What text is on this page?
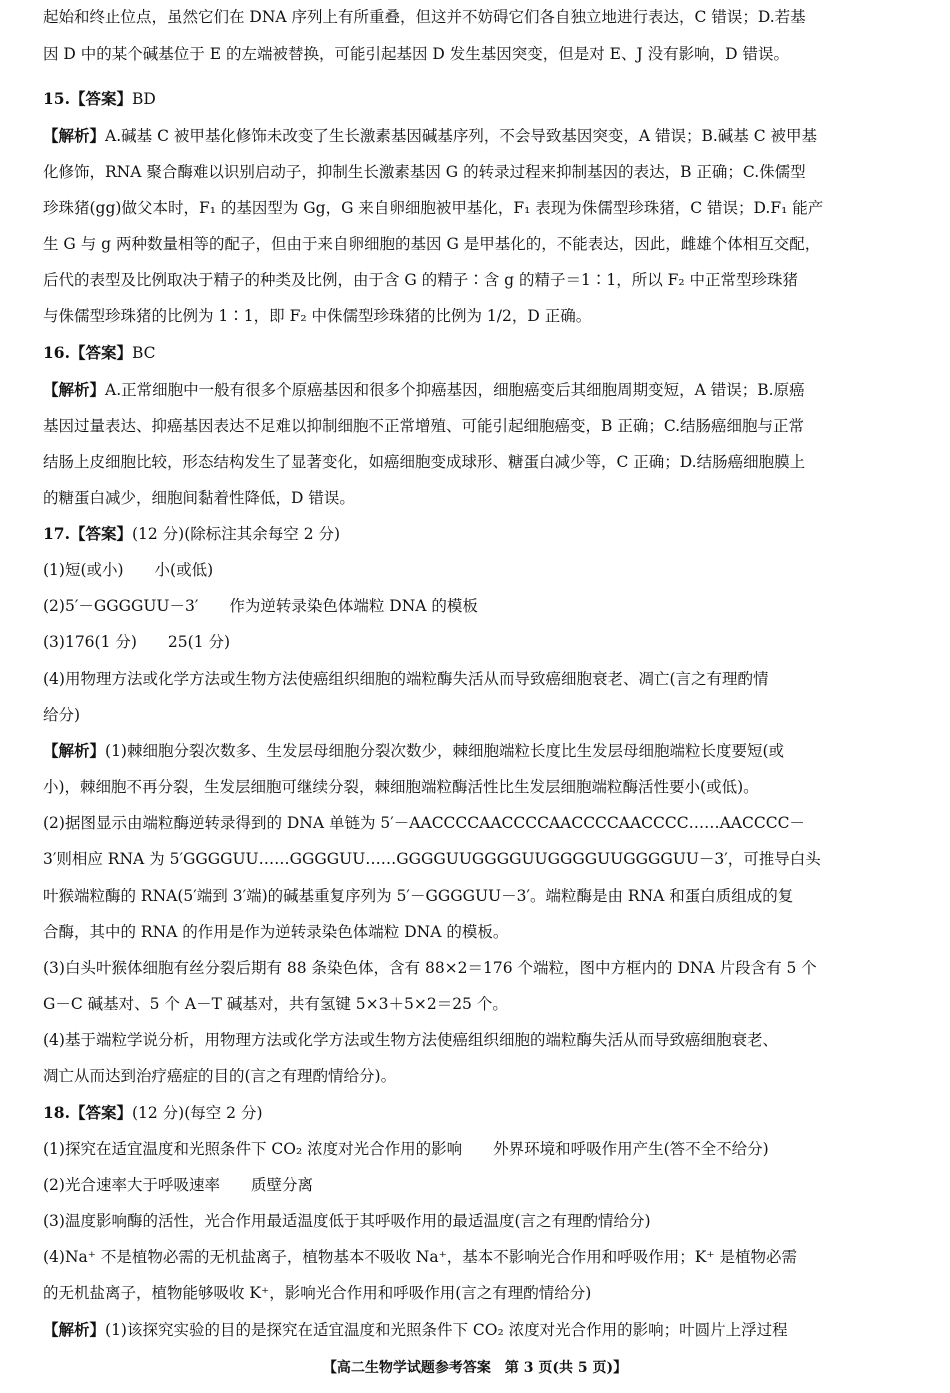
起始和终止位点，虽然它们在 DNA 序列上有所重叠，但这并不妨碍它们各自独立地进行表达，C 错误；D.若基
因 D 中的某个碱基位于 E 的左端被替换，可能引起基因 D 发生基因突变，但是对 E、J 没有影响，D 错误。
15.【答案】BD
【解析】A.碱基 C 被甲基化修饰未改变了生长激素基因碱基序列，不会导致基因突变，A 错误；B.碱基 C 被甲基
化修饰，RNA 聚合酶难以识别启动子，抑制生长激素基因 G 的转录过程来抑制基因的表达，B 正确；C.侏儒型
珍珠猪(gg)做父本时，F₁ 的基因型为 Gg，G 来自卵细胞被甲基化，F₁ 表现为侏儒型珍珠猪，C 错误；D.F₁ 能产
生 G 与 g 两种数量相等的配子，但由于来自卵细胞的基因 G 是甲基化的，不能表达，因此，雌雄个体相互交配，
后代的表型及比例取决于精子的种类及比例，由于含 G 的精子∶含 g 的精子＝1∶1，所以 F₂ 中正常型珍珠猪
与侏儒型珍珠猪的比例为 1∶1，即 F₂ 中侏儒型珍珠猪的比例为 1/2，D 正确。
16.【答案】BC
【解析】A.正常细胞中一般有很多个原癌基因和很多个抑癌基因，细胞癌变后其细胞周期变短，A 错误；B.原癌
基因过量表达、抑癌基因表达不足难以抑制细胞不正常增殖、可能引起细胞癌变，B 正确；C.结肠癌细胞与正常
结肠上皮细胞比较，形态结构发生了显著变化，如癌细胞变成球形、糖蛋白减少等，C 正确；D.结肠癌细胞膜上
的糖蛋白减少，细胞间黏着性降低，D 错误。
17.【答案】(12 分)(除标注其余每空 2 分)
(1)短(或小)　　小(或低)
(2)5′－GGGGUU－3′　　作为逆转录染色体端粒 DNA 的模板
(3)176(1 分)　　25(1 分)
(4)用物理方法或化学方法或生物方法使癌组织细胞的端粒酶失活从而导致癌细胞衰老、凋亡(言之有理酌情
给分)
【解析】(1)棘细胞分裂次数多、生发层母细胞分裂次数少，棘细胞端粒长度比生发层母细胞端粒长度要短(或
小)，棘细胞不再分裂，生发层细胞可继续分裂，棘细胞端粒酶活性比生发层细胞端粒酶活性要小(或低)。
(2)据图显示由端粒酶逆转录得到的 DNA 单链为 5′－AACCCCAACCCCAACCCCAACCCC……AACCCC－
3′则相应 RNA 为 5′GGGGUU……GGGGUU……GGGGUUGGGGUUGGGGUUGGGGUU－3′，可推导白头
叶猴端粒酶的 RNA(5′端到 3′端)的碱基重复序列为 5′－GGGGUU－3′。端粒酶是由 RNA 和蛋白质组成的复
合酶，其中的 RNA 的作用是作为逆转录染色体端粒 DNA 的模板。
(3)白头叶猴体细胞有丝分裂后期有 88 条染色体，含有 88×2＝176 个端粒，图中方框内的 DNA 片段含有 5 个
G－C 碱基对、5 个 A－T 碱基对，共有氢键 5×3＋5×2＝25 个。
(4)基于端粒学说分析，用物理方法或化学方法或生物方法使癌组织细胞的端粒酶失活从而导致癌细胞衰老、
凋亡从而达到治疗癌症的目的(言之有理酌情给分)。
18.【答案】(12 分)(每空 2 分)
(1)探究在适宜温度和光照条件下 CO₂ 浓度对光合作用的影响　　外界环境和呼吸作用产生(答不全不给分)
(2)光合速率大于呼吸速率　　质壁分离
(3)温度影响酶的活性，光合作用最适温度低于其呼吸作用的最适温度(言之有理酌情给分)
(4)Na⁺ 不是植物必需的无机盐离子，植物基本不吸收 Na⁺，基本不影响光合作用和呼吸作用；K⁺ 是植物必需
的无机盐离子，植物能够吸收 K⁺，影响光合作用和呼吸作用(言之有理酌情给分)
【解析】(1)该探究实验的目的是探究在适宜温度和光照条件下 CO₂ 浓度对光合作用的影响；叶圆片上浮过程
【高二生物学试题参考答案　第 3 页(共 5 页)】
